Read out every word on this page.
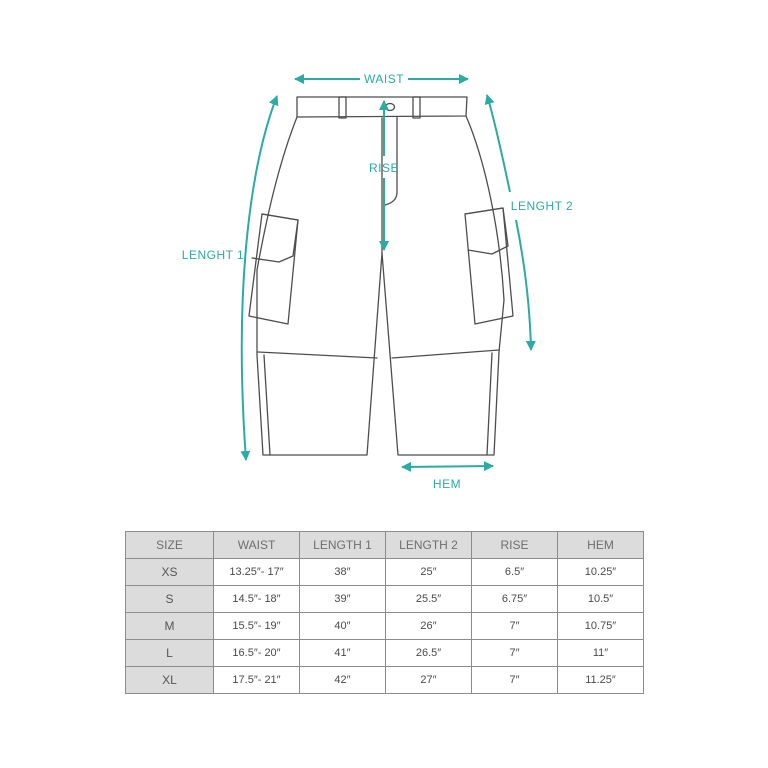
WAIST
RISE
LENGHT 1
LENGHT 2
HEM
SIZE	WAIST	LENGTH 1	LENGTH 2	RISE	HEM
XS	13.25″- 17″	38″	25″	6.5″	10.25″
S	14.5″- 18″	39″	25.5″	6.75″	10.5″
M	15.5″- 19″	40″	26″	7″	10.75″
L	16.5″- 20″	41″	26.5″	7″	11″
XL	17.5″- 21″	42″	27″	7″	11.25″
